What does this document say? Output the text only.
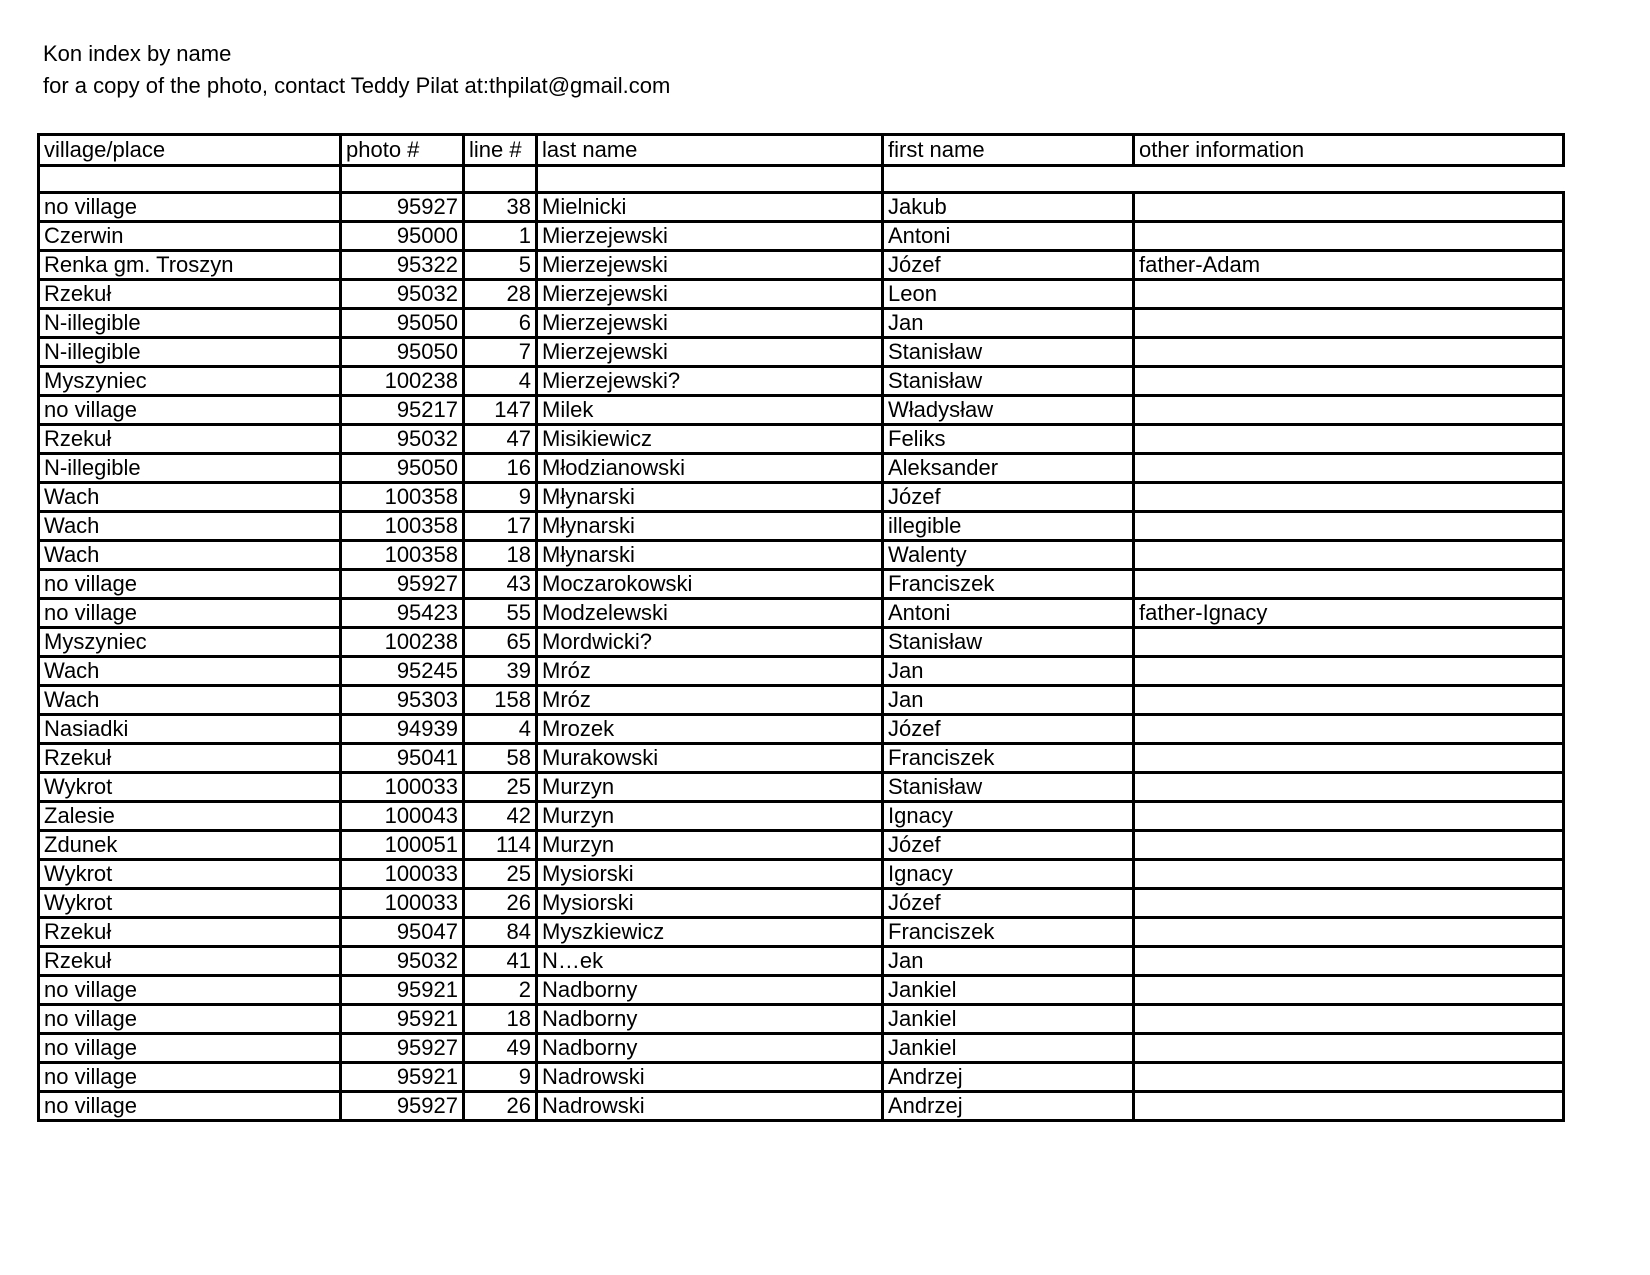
Kon index by name
for a copy of the photo, contact Teddy Pilat at:thpilat@gmail.com
village/place	photo #	line #	last name	first name	other information

no village	95927	38	Mielnicki	Jakub	
Czerwin	95000	1	Mierzejewski	Antoni	
Renka gm. Troszyn	95322	5	Mierzejewski	Józef	father-Adam
Rzekuł	95032	28	Mierzejewski	Leon	
N-illegible	95050	6	Mierzejewski	Jan	
N-illegible	95050	7	Mierzejewski	Stanisław	
Myszyniec	100238	4	Mierzejewski?	Stanisław	
no village	95217	147	Milek	Władysław	
Rzekuł	95032	47	Misikiewicz	Feliks	
N-illegible	95050	16	Młodzianowski	Aleksander	
Wach	100358	9	Młynarski	Józef	
Wach	100358	17	Młynarski	illegible	
Wach	100358	18	Młynarski	Walenty	
no village	95927	43	Moczarokowski	Franciszek	
no village	95423	55	Modzelewski	Antoni	father-Ignacy
Myszyniec	100238	65	Mordwicki?	Stanisław	
Wach	95245	39	Mróz	Jan	
Wach	95303	158	Mróz	Jan	
Nasiadki	94939	4	Mrozek	Józef	
Rzekuł	95041	58	Murakowski	Franciszek	
Wykrot	100033	25	Murzyn	Stanisław	
Zalesie	100043	42	Murzyn	Ignacy	
Zdunek	100051	114	Murzyn	Józef	
Wykrot	100033	25	Mysiorski	Ignacy	
Wykrot	100033	26	Mysiorski	Józef	
Rzekuł	95047	84	Myszkiewicz	Franciszek	
Rzekuł	95032	41	N…ek	Jan	
no village	95921	2	Nadborny	Jankiel	
no village	95921	18	Nadborny	Jankiel	
no village	95927	49	Nadborny	Jankiel	
no village	95921	9	Nadrowski	Andrzej	
no village	95927	26	Nadrowski	Andrzej	
